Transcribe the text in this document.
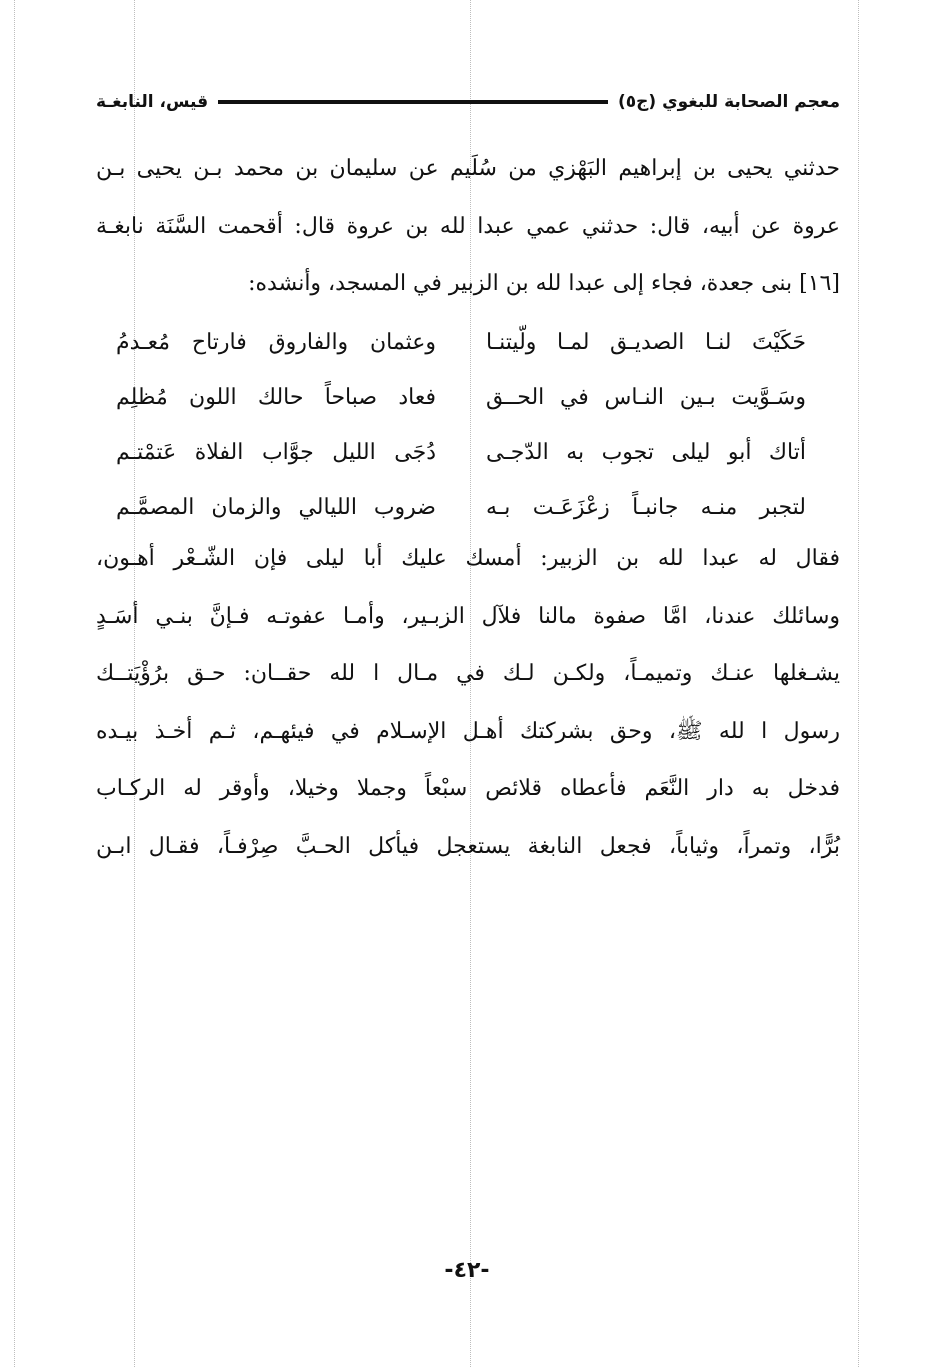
معجم الصحابة للبغوي (ج٥)
قيس، النابغـة
حدثني يحيى بن إبراهيم البَهْزي من سُلَيم عن سليمان بن محمد بـن يحيى بـن
عروة عن أبيه، قال: حدثني عمي عبدا لله بن عروة قال: أقحمت السَّنَة نابغـة
[١٦] بنى جعدة، فجاء إلى عبدا لله بن الزبير في المسجد، وأنشده:
حَكَيْتَ لنـا الصديـق لمـا ولّيتنـا
وعثمان والفاروق فارتاح مُعـدمُ
وسَـوَّيت بـين النـاس في الحــق
فعاد صباحاً حالك اللون مُظلِم
أتاك أبو ليلى تجوب به الدّجـى
دُجَى الليل جوَّاب الفلاة عَتمْتـم
لتجبر منـه جانبـاً زعْزَعَـت بـه
ضروب الليالي والزمان المصمَّـم
فقال له عبدا لله بن الزبير: أمسك عليك أبا ليلى فإن الشّـعْر أهـون،
وسائلك عندنا، امَّا صفوة مالنا فلآل الزبـير، وأمـا عفوتـه فـإنَّ بنـي أسَـدٍ
يشـغلها عنـك وتميمـاً، ولكـن لـك في مـال ا لله حقــان: حـق برُؤْيَتــك
رسول ا لله ﷺ، وحق بشركتك أهـل الإسـلام في فيئهـم، ثـم أخـذ بيـده
فدخل به دار النَّعَم فأعطاه قلائص سبْعاً وجملا وخيلا، وأوقر له الركـاب
بُرًّا، وتمراً، وثياباً، فجعل النابغة يستعجل فيأكل الحـبَّ صِرْفـاً، فقـال ابـن
-٤٢-
